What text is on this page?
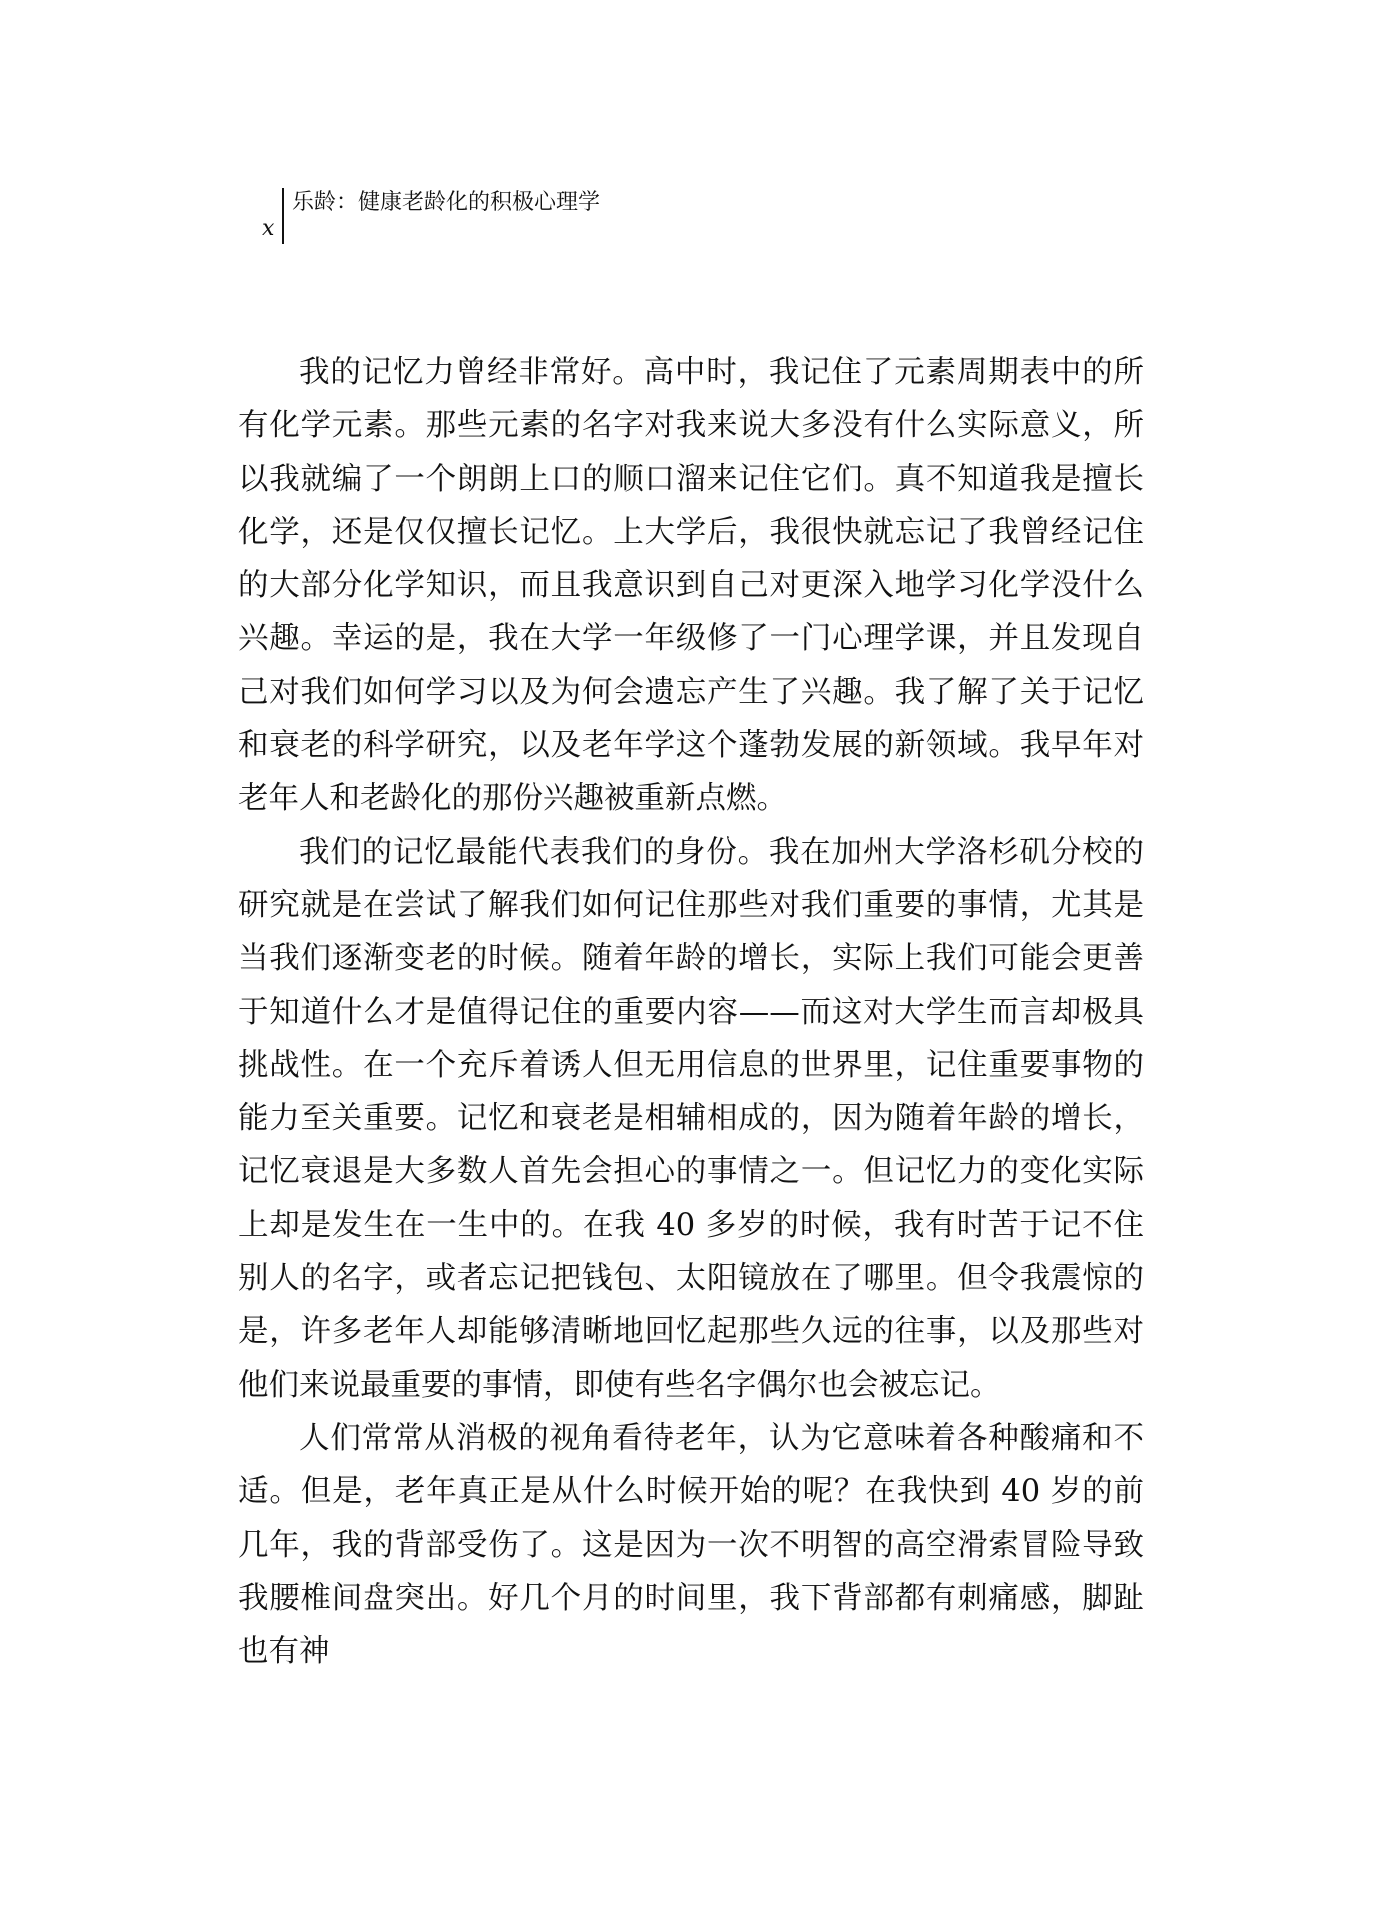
x
乐龄：健康老龄化的积极心理学

我的记忆力曾经非常好。高中时，我记住了元素周期表中的所有化学元素。那些元素的名字对我来说大多没有什么实际意义，所以我就编了一个朗朗上口的顺口溜来记住它们。真不知道我是擅长化学，还是仅仅擅长记忆。上大学后，我很快就忘记了我曾经记住的大部分化学知识，而且我意识到自己对更深入地学习化学没什么兴趣。幸运的是，我在大学一年级修了一门心理学课，并且发现自己对我们如何学习以及为何会遗忘产生了兴趣。我了解了关于记忆和衰老的科学研究，以及老年学这个蓬勃发展的新领域。我早年对老年人和老龄化的那份兴趣被重新点燃。

我们的记忆最能代表我们的身份。我在加州大学洛杉矶分校的研究就是在尝试了解我们如何记住那些对我们重要的事情，尤其是当我们逐渐变老的时候。随着年龄的增长，实际上我们可能会更善于知道什么才是值得记住的重要内容——而这对大学生而言却极具挑战性。在一个充斥着诱人但无用信息的世界里，记住重要事物的能力至关重要。记忆和衰老是相辅相成的，因为随着年龄的增长，记忆衰退是大多数人首先会担心的事情之一。但记忆力的变化实际上却是发生在一生中的。在我 40 多岁的时候，我有时苦于记不住别人的名字，或者忘记把钱包、太阳镜放在了哪里。但令我震惊的是，许多老年人却能够清晰地回忆起那些久远的往事，以及那些对他们来说最重要的事情，即使有些名字偶尔也会被忘记。

人们常常从消极的视角看待老年，认为它意味着各种酸痛和不适。但是，老年真正是从什么时候开始的呢？在我快到 40 岁的前几年，我的背部受伤了。这是因为一次不明智的高空滑索冒险导致我腰椎间盘突出。好几个月的时间里，我下背部都有刺痛感，脚趾也有神
